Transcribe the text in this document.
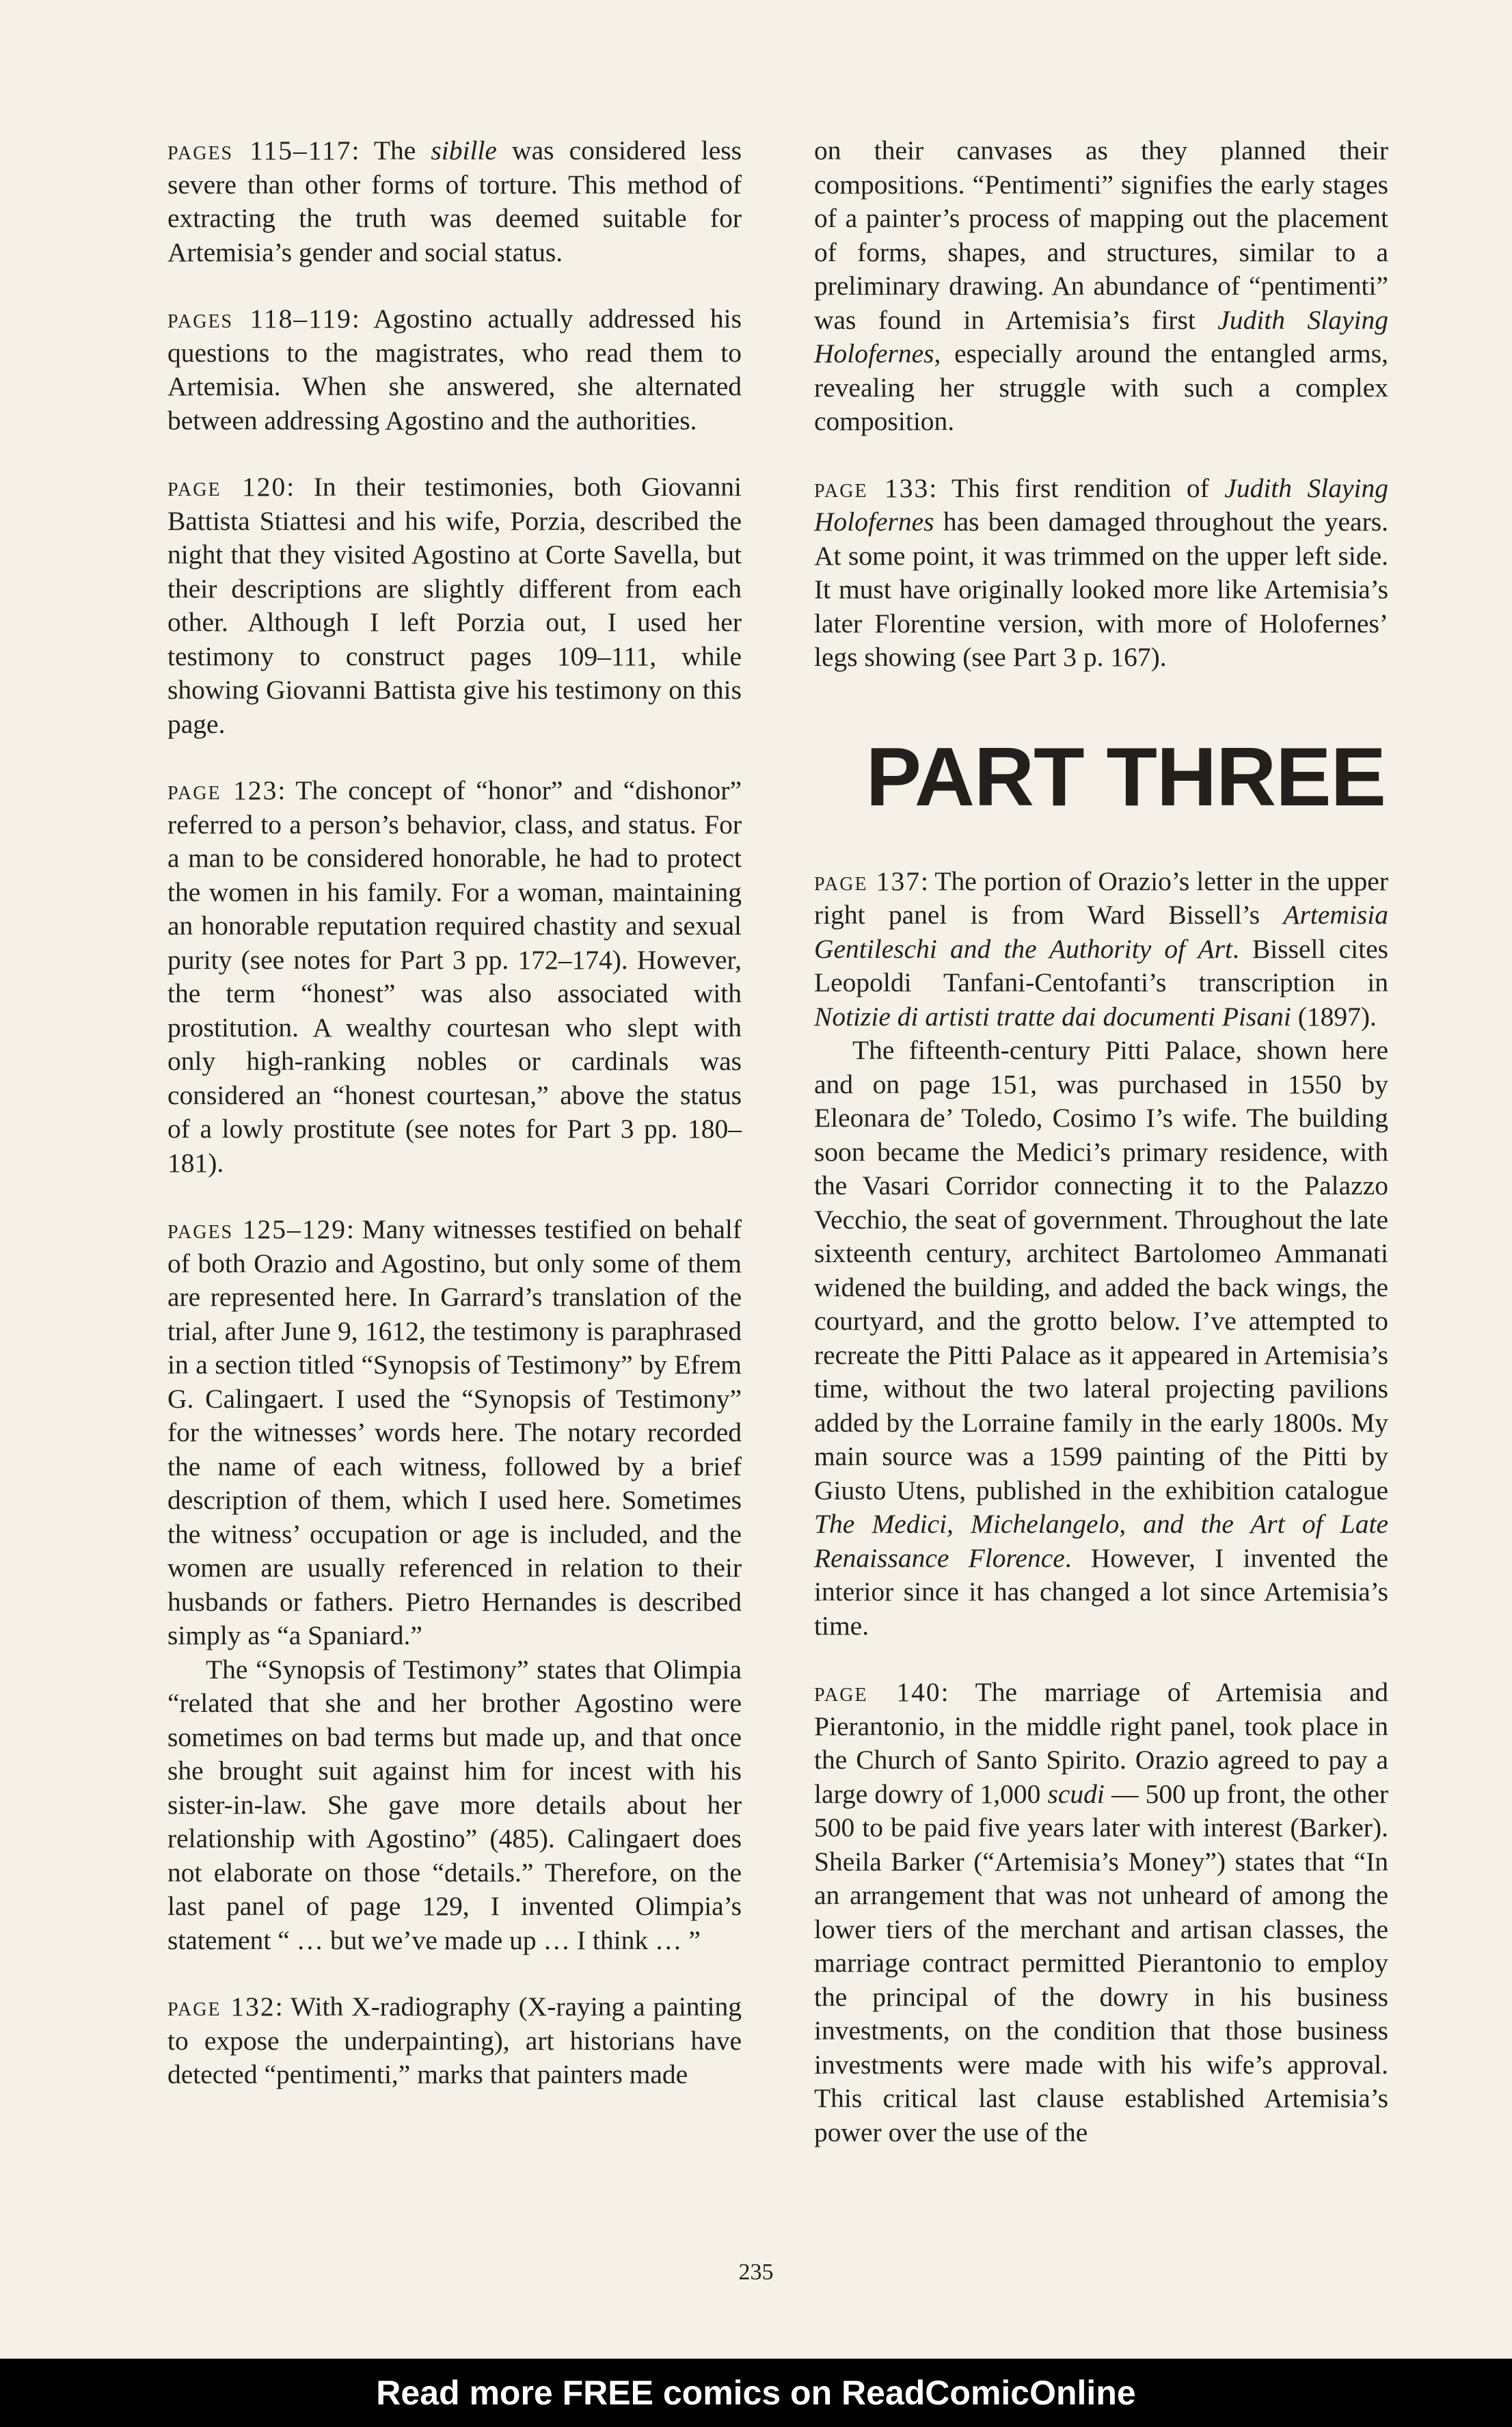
pages 115–117: The sibille was considered less severe than other forms of torture. This method of extracting the truth was deemed suitable for Artemisia’s gender and social status.

pages 118–119: Agostino actually addressed his questions to the magistrates, who read them to Artemisia. When she answered, she alternated between addressing Agostino and the authorities.

page 120: In their testimonies, both Giovanni Battista Stiattesi and his wife, Porzia, described the night that they visited Agostino at Corte Savella, but their descriptions are slightly different from each other. Although I left Porzia out, I used her testimony to construct pages 109–111, while showing Giovanni Battista give his testimony on this page.

page 123: The concept of “honor” and “dishonor” referred to a person’s behavior, class, and status. For a man to be considered honorable, he had to protect the women in his family. For a woman, maintaining an honorable reputation required chastity and sexual purity (see notes for Part 3 pp. 172–174). However, the term “honest” was also associated with prostitution. A wealthy courtesan who slept with only high-ranking nobles or cardinals was considered an “honest courtesan,” above the status of a lowly prostitute (see notes for Part 3 pp. 180–181).

pages 125–129: Many witnesses testified on behalf of both Orazio and Agostino, but only some of them are represented here. In Garrard’s translation of the trial, after June 9, 1612, the testimony is paraphrased in a section titled “Synopsis of Testimony” by Efrem G. Calingaert. I used the “Synopsis of Testimony” for the witnesses’ words here. The notary recorded the name of each witness, followed by a brief description of them, which I used here. Sometimes the witness’ occupation or age is included, and the women are usually referenced in relation to their husbands or fathers. Pietro Hernandes is described simply as “a Spaniard.”

The “Synopsis of Testimony” states that Olimpia “related that she and her brother Agostino were sometimes on bad terms but made up, and that once she brought suit against him for incest with his sister-in-law. She gave more details about her relationship with Agostino” (485). Calingaert does not elaborate on those “details.” Therefore, on the last panel of page 129, I invented Olimpia’s statement “ … but we’ve made up … I think … ”

page 132: With X-radiography (X-raying a painting to expose the underpainting), art historians have detected “pentimenti,” marks that painters made

on their canvases as they planned their compositions. “Pentimenti” signifies the early stages of a painter’s process of mapping out the placement of forms, shapes, and structures, similar to a preliminary drawing. An abundance of “pentimenti” was found in Artemisia’s first Judith Slaying Holofernes, especially around the entangled arms, revealing her struggle with such a complex composition.

page 133: This first rendition of Judith Slaying Holofernes has been damaged throughout the years. At some point, it was trimmed on the upper left side. It must have originally looked more like Artemisia’s later Florentine version, with more of Holofernes’ legs showing (see Part 3 p. 167).

PART THREE

page 137: The portion of Orazio’s letter in the upper right panel is from Ward Bissell’s Artemisia Gentileschi and the Authority of Art. Bissell cites Leopoldi Tanfani-Centofanti’s transcription in Notizie di artisti tratte dai documenti Pisani (1897).

The fifteenth-century Pitti Palace, shown here and on page 151, was purchased in 1550 by Eleonara de’ Toledo, Cosimo I’s wife. The building soon became the Medici’s primary residence, with the Vasari Corridor connecting it to the Palazzo Vecchio, the seat of government. Throughout the late sixteenth century, architect Bartolomeo Ammanati widened the building, and added the back wings, the courtyard, and the grotto below. I’ve attempted to recreate the Pitti Palace as it appeared in Artemisia’s time, without the two lateral projecting pavilions added by the Lorraine family in the early 1800s. My main source was a 1599 painting of the Pitti by Giusto Utens, published in the exhibition catalogue The Medici, Michelangelo, and the Art of Late Renaissance Florence. However, I invented the interior since it has changed a lot since Artemisia’s time.

page 140: The marriage of Artemisia and Pierantonio, in the middle right panel, took place in the Church of Santo Spirito. Orazio agreed to pay a large dowry of 1,000 scudi — 500 up front, the other 500 to be paid five years later with interest (Barker). Sheila Barker (“Artemisia’s Money”) states that “In an arrangement that was not unheard of among the lower tiers of the merchant and artisan classes, the marriage contract permitted Pierantonio to employ the principal of the dowry in his business investments, on the condition that those business investments were made with his wife’s approval. This critical last clause established Artemisia’s power over the use of the

235
Read more FREE comics on ReadComicOnline
